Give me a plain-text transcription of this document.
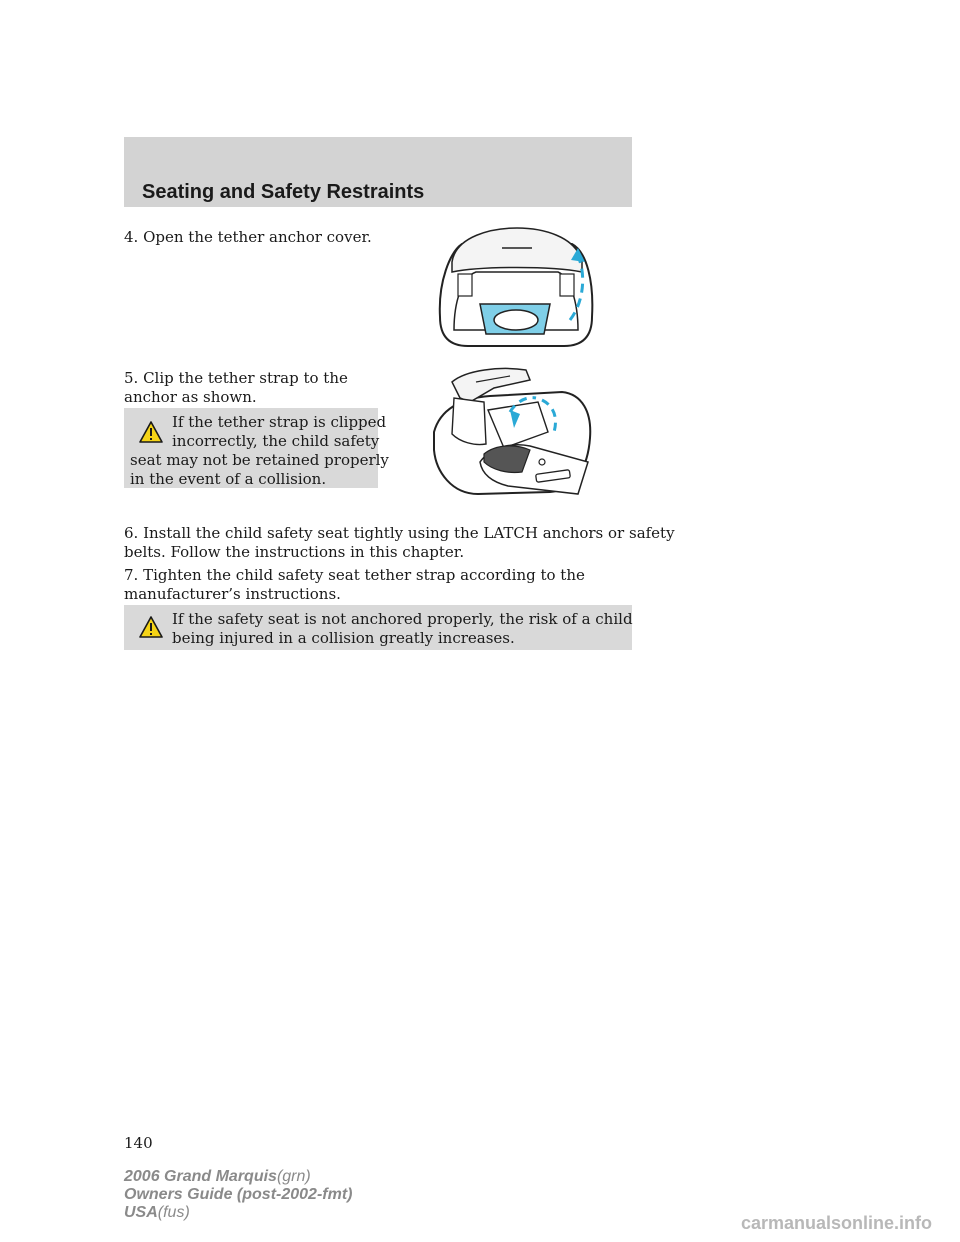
Seating and Safety Restraints

4. Open the tether anchor cover.

5. Clip the tether strap to the

anchor as shown.

If the tether strap is clipped
incorrectly, the child safety
seat may not be retained properly
in the event of a collision.

6. Install the child safety seat tightly using the LATCH anchors or safety

belts. Follow the instructions in this chapter.

7. Tighten the child safety seat tether strap according to the

manufacturer’s instructions.

If the safety seat is not anchored properly, the risk of a child
being injured in a collision greatly increases.
140
2006 Grand Marquis(grn)
Owners Guide (post-2002-fmt)
USA(fus)
carmanualsonline.info
